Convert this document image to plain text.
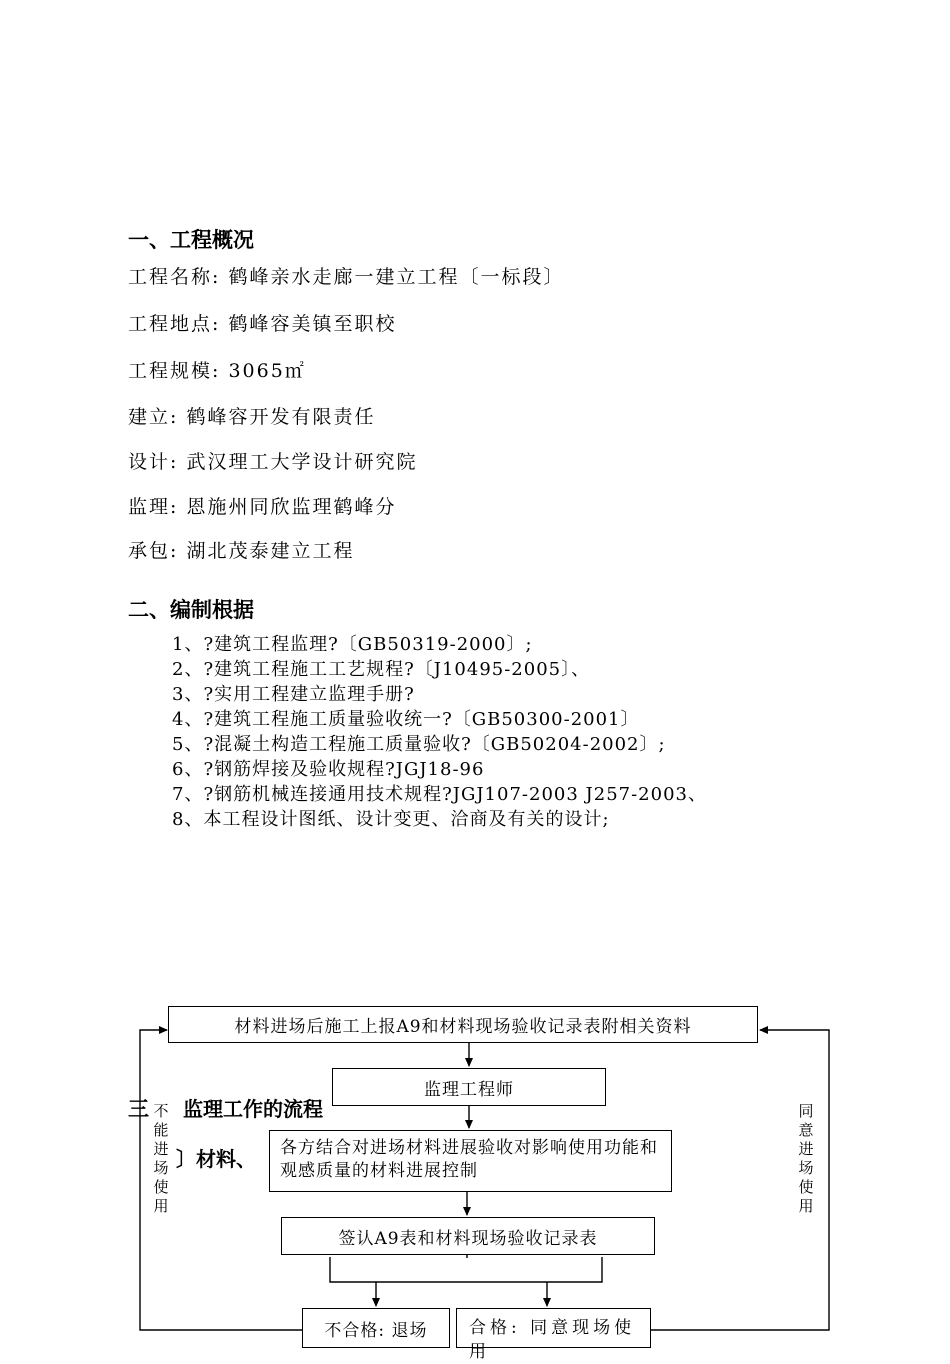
一、工程概况
工程名称: 鹤峰亲水走廊一建立工程〔一标段〕
工程地点: 鹤峰容美镇至职校
工程规模: 3065㎡
建立: 鹤峰容开发有限责任
设计: 武汉理工大学设计研究院
监理: 恩施州同欣监理鹤峰分
承包: 湖北茂泰建立工程
二、编制根据
1、?建筑工程监理?〔GB50319-2000〕;
2、?建筑工程施工工艺规程?〔J10495-2005〕、
3、?实用工程建立监理手册?
4、?建筑工程施工质量验收统一?〔GB50300-2001〕
5、?混凝土构造工程施工质量验收?〔GB50204-2002〕;
6、?钢筋焊接及验收规程?JGJ18-96
7、?钢筋机械连接通用技术规程?JGJ107-2003 J257-2003、
8、本工程设计图纸、设计变更、洽商及有关的设计;
三 监理工作的流程
〕材料、
材料进场后施工上报A9和材料现场验收记录表附相关资料
监理工程师
各方结合对进场材料进展验收对影响使用功能和观感质量的材料进展控制
签认A9表和材料现场验收记录表
不合格: 退场	合格: 同意现场使用
不能进场使用
同意进场使用
